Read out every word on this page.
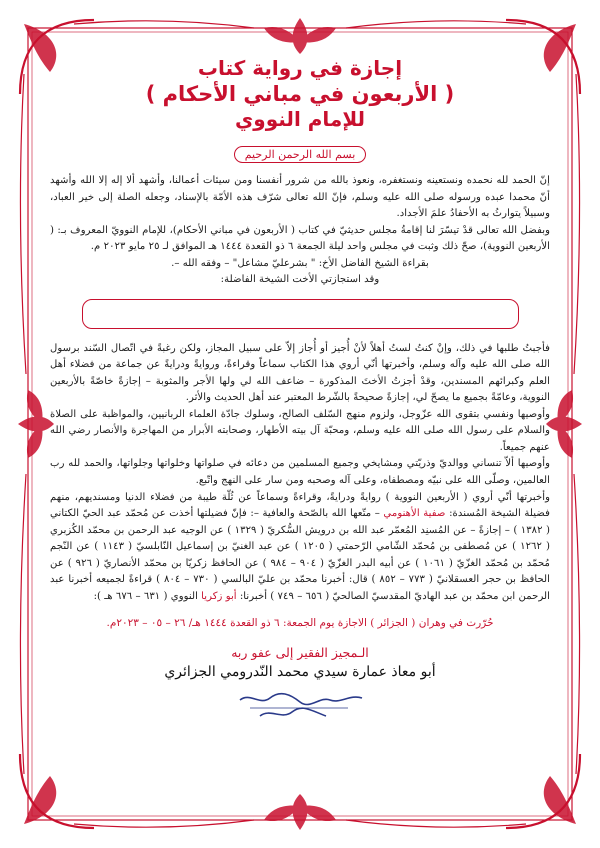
إجازة في رواية كتاب
( الأربعون في مباني الأحكام )
للإمام النووي
بسم الله الرحمن الرحيم

إنّ الحمد لله نحمده ونستعينه ونستغفره، ونعوذ بالله من شرور أنفسنا ومن سيئات أعمالنا، وأشهد ألا إله إلا الله وأشهد أنّ محمدا عبده ورسوله صلى الله عليه وسلم، فإنّ الله تعالى شرّف هذه الأمّة بالإسناد، وجعله الصلة إلى خير العباد، وسبيلاً يتوارثُ به الأحفادُ علمَ الأجداد.

وبفضل الله تعالى قدْ تيسّرَ لنا إقامةُ مجلس حديثيّ في كتاب ( الأربعون في مباني الأحكام)، للإمام النوويّ المعروف بـ: ( الأربعين النووية)، صحّ ذلك وثبت في مجلس واحد ليلة الجمعة ٦ ذو القعدة ١٤٤٤ هـ الموافق لـ ٢٥ مايو ٢٠٢٣ م.

بقراءة الشيخ الفاضل الأخ: " بشرعليّ مشاعل" – وفقه الله –.

وقد استجازتي الأخت الشيخة الفاضلة:

فأجبتُ طلبها في ذلك، وإنْ كنتُ لستُ أهلاً لأنْ أُجيز أو أُجاز إلاّ على سبيل المجاز، ولكن رغبةً في اتّصال السّند برسول الله صلى الله عليه وآله وسلم، وأخبرتها أنّي أروي هذا الكتاب سماعاً وقراءةً، وروايةً ودرايةً عن جماعة من فضلاء أهل العلم وكبرائهم المسندين، وقدْ أجزتُ الأختَ المذكورة – ضاعف الله لي ولها الأجر والمثوبة – إجازةً خاصّةً بالأربعين النووية، وعامّةً بجميع ما يصحّ لي، إجازةً صحيحةً بالشّرط المعتبر عند أهل الحديث والأثر.

وأوصيها ونفسي بتقوى الله عزّوجل، ولزوم منهج السّلف الصالح، وسلوك جادّة العلماء الربانيين، والمواظبة على الصلاة والسلام على رسول الله صلى الله عليه وسلم، ومحبّة آل بيته الأطهار، وصحابته الأبرار من المهاجرة والأنصار رضي الله عنهم جميعاً.

وأوصيها ألاّ تنساني ووالديّ وذريّتي ومشايخي وجميع المسلمين من دعائه في صلواتها وخلواتها وجلواتها، والحمد لله رب العالمين، وصلّى الله على نبيّه ومصطفاه، وعلى آله وصحبه ومن سار على النهج واتّبع.

وأخبرتها أنّي أروي ( الأربعين النووية ) روايةً ودرايةً، وقراءةً وسماعاً عن ثُلّة طيبة من فضلاء الدنيا ومسنديهم، منهم فضيلة الشيخة المُسندة: صفية الأهنومي – متّعها الله بالصّحة والعافية –: فإنّ فضيلتها أخذت عن مُحمّد عبد الحيّ الكتاني ( ١٣٨٢ ) – إجازةً – عن المُسنِد المُعمّر عبد الله بن درويش السُّكريّ ( ١٣٢٩ ) عن الوجيه عبد الرحمن بن محمّد الكُزبري ( ١٢٦٢ ) عن مُصطفى بن مُحمّد الشّامي الرّحمتي ( ١٢٠٥ ) عن عبد الغنيّ بن إسماعيل النّابلسيّ ( ١١٤٣ ) عن النّجم مُحمّد بن مُحمّد الغزّيّ ( ١٠٦١ ) عن أبيه البدر الغزّيّ ( ٩٠٤ – ٩٨٤ ) عن الحافظ زكريّا بن محمّد الأنصاريّ ( ٩٢٦ ) عن الحافظ بن حجر العسقلانيّ ( ٧٧٣ – ٨٥٢ ) قال: أخبرنا محمّد بن عليّ البالسي ( ٧٣٠ – ٨٠٤ ) قراءةً لجميعه أخبرنا عبد الرحمن ابن محمّد بن عبد الهاديّ المقدسيّ الصالحيّ ( ٦٥٦ – ٧٤٩ ) أخبرنا: أبو زكريا النووي ( ٦٣١ – ٦٧٦ هـ ):

حُرّرت في وهران ( الجزائر ) الاجازة يوم الجمعة: ٦ ذو القعدة ١٤٤٤ هـ/ ٢٦ – ٠٥ – ٢٠٢٣م.
الـمجيز الفقير إلى عفو ربه
أبو معاذ عمارة سيدي محمد النّدرومي الجزائري
